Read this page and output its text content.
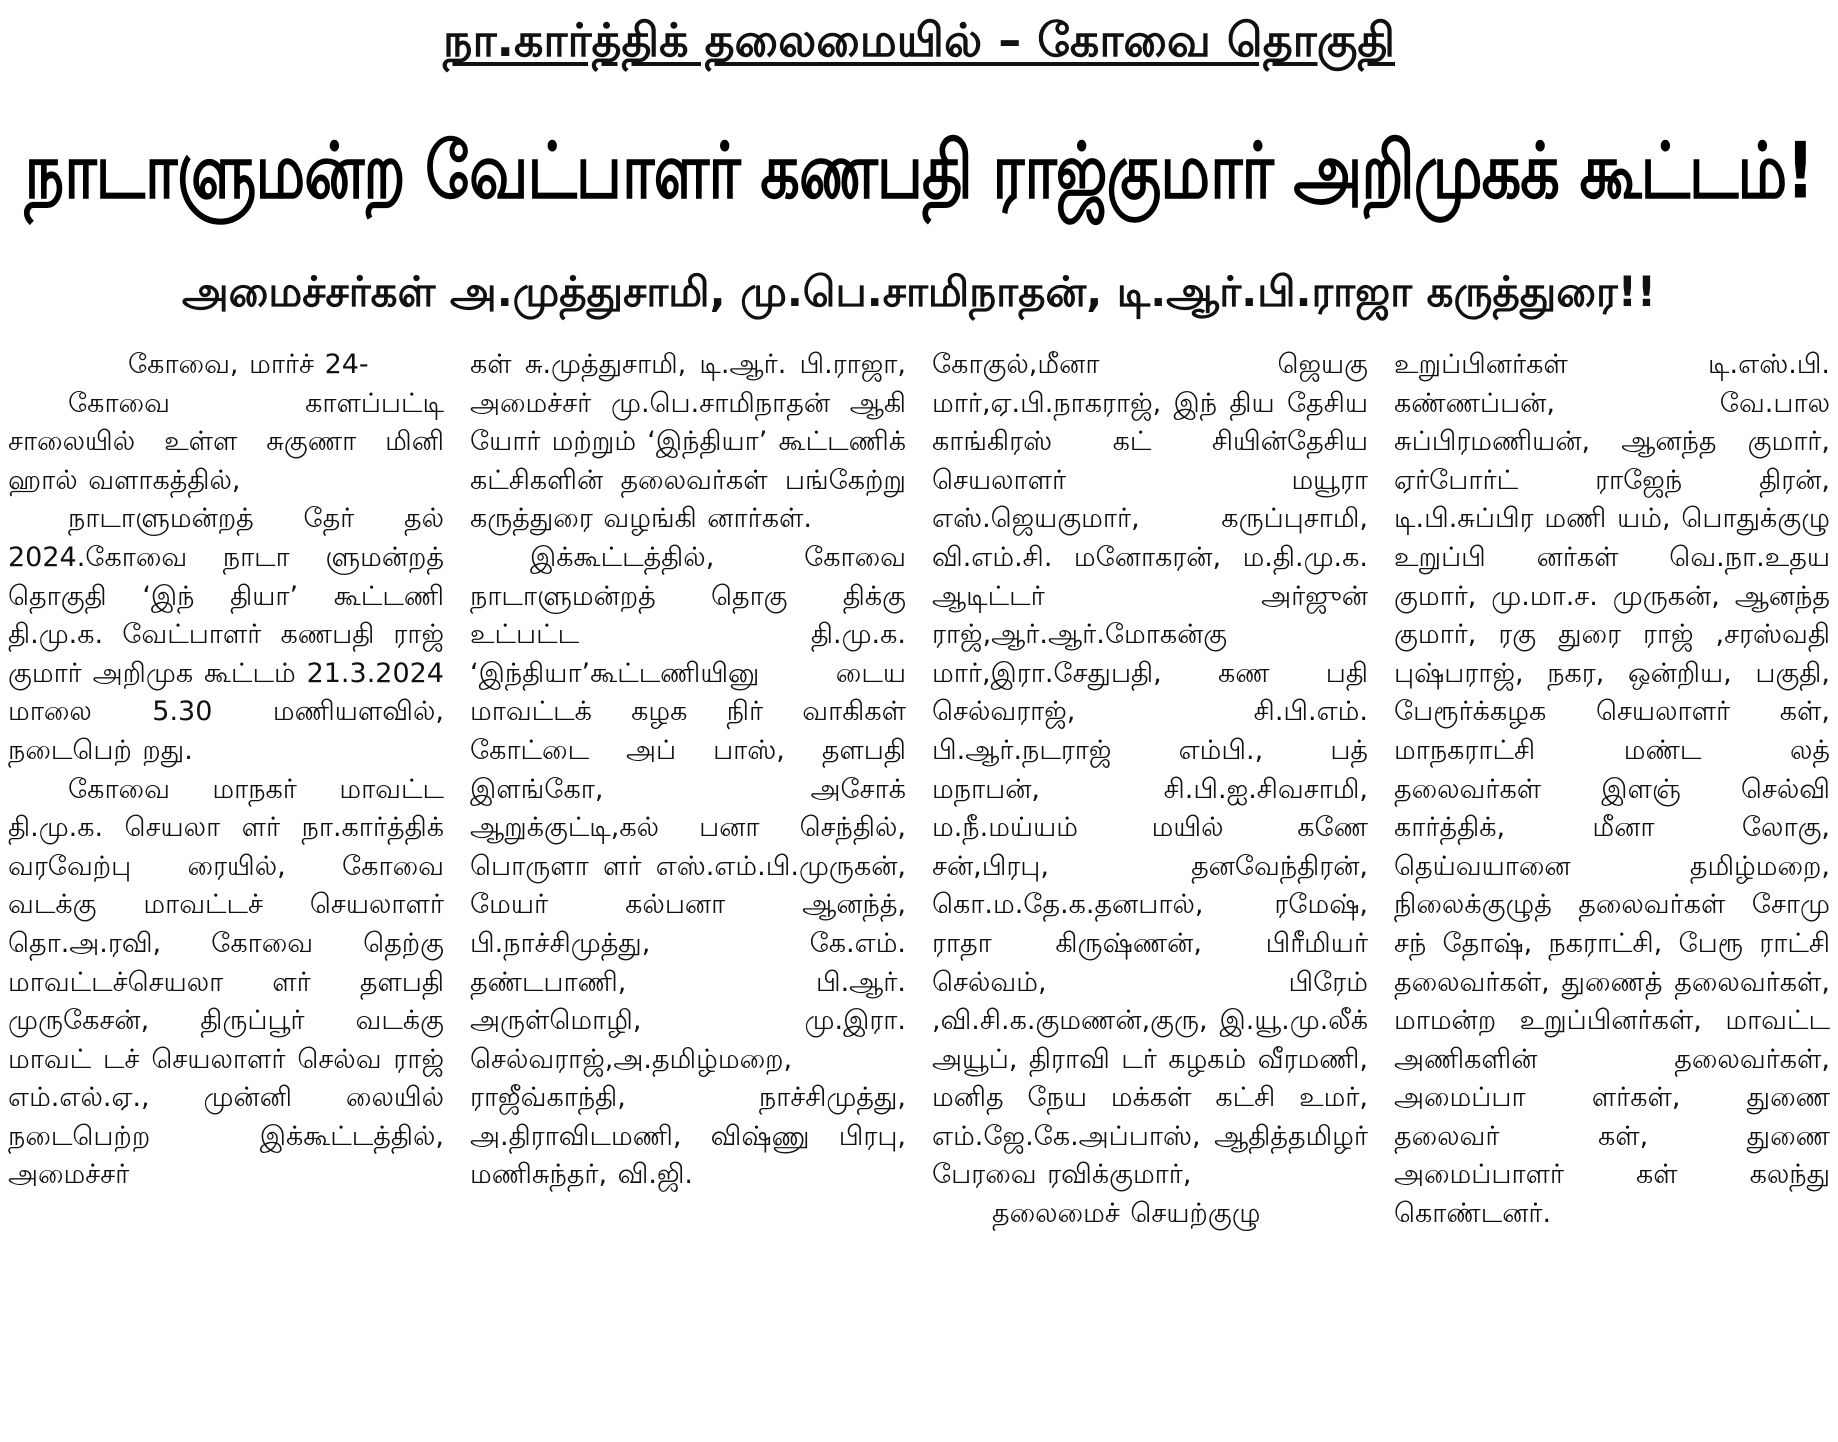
நா.கார்த்திக் தலைமையில் – கோவை தொகுதி
நாடாளுமன்ற வேட்பாளர் கணபதி ராஜ்குமார் அறிமுகக் கூட்டம்!
அமைச்சர்கள் அ.முத்துசாமி, மு.பெ.சாமிநாதன், டி.ஆர்.பி.ராஜா கருத்துரை!!

கோவை, மார்ச் 24-

கோவை காளப்பட்டி சாலையில் உள்ள சுகுணா மினி ஹால் வளாகத்தில்,

நாடாளுமன்றத் தேர் தல் 2024.கோவை நாடா ளுமன்றத் தொகுதி ‘இந் தியா’ கூட்டணி தி.மு.க. வேட்பாளர் கணபதி ராஜ் குமார் அறிமுக கூட்டம் 21.3.2024 மாலை 5.30 மணியளவில், நடைபெற் றது.

கோவை மாநகர் மாவட்ட தி.மு.க. செயலா ளர் நா.கார்த்திக் வரவேற்பு ரையில், கோவை வடக்கு மாவட்டச் செயலாளர் தொ.அ.ரவி, கோவை தெற்கு மாவட்டச்செயலா ளர் தளபதி முருகேசன், திருப்பூர் வடக்கு மாவட் டச் செயலாளர் செல்வ ராஜ் எம்.எல்.ஏ., முன்னி லையில் நடைபெற்ற இக்கூட்டத்தில், அமைச்சர்

கள் சு.முத்துசாமி, டி.ஆர். பி.ராஜா, அமைச்சர் மு.பெ.சாமிநாதன் ஆகி யோர் மற்றும் ‘இந்தியா’ கூட்டணிக் கட்சிகளின் தலைவர்கள் பங்கேற்று கருத்துரை வழங்கி னார்கள்.

இக்கூட்டத்தில், கோவை நாடாளுமன்றத் தொகு திக்கு உட்பட்ட தி.மு.க. ‘இந்தியா’கூட்டணியினு டைய மாவட்டக் கழக நிர் வாகிகள் கோட்டை அப் பாஸ், தளபதி இளங்கோ, அசோக் ஆறுக்குட்டி,கல் பனா செந்தில், பொருளா ளர் எஸ்.எம்.பி.முருகன், மேயர் கல்பனா ஆனந்த், பி.நாச்சிமுத்து, கே.எம். தண்டபாணி, பி.ஆர். அருள்மொழி, மு.இரா. செல்வராஜ்,அ.தமிழ்மறை, ராஜீவ்காந்தி, நாச்சிமுத்து, அ.திராவிடமணி, விஷ்ணு பிரபு, மணிசுந்தர், வி.ஜி.

கோகுல்,மீனா ஜெயகு மார்,ஏ.பி.நாகராஜ், இந் திய தேசிய காங்கிரஸ் கட் சியின்தேசிய செயலாளர் மயூரா எஸ்.ஜெயகுமார், கருப்புசாமி, வி.எம்.சி. மனோகரன், ம.தி.மு.க. ஆடிட்டர் அர்ஜுன் ராஜ்,ஆர்.ஆர்.மோகன்கு மார்,இரா.சேதுபதி, கண பதி செல்வராஜ், சி.பி.எம். பி.ஆர்.நடராஜ் எம்பி., பத் மநாபன், சி.பி.ஐ.சிவசாமி, ம.நீ.மய்யம் மயில் கணே சன்,பிரபு, தனவேந்திரன், கொ.ம.தே.க.தனபால், ரமேஷ், ராதா கிருஷ்ணன், பிரீமியர் செல்வம், பிரேம் ,வி.சி.க.குமணன்,குரு, இ.யூ.மு.லீக் அயூப், திராவி டர் கழகம் வீரமணி, மனித நேய மக்கள் கட்சி உமர், எம்.ஜே.கே.அப்பாஸ், ஆதித்தமிழர் பேரவை ரவிக்குமார்,

தலைமைச் செயற்குழு

உறுப்பினர்கள் டி.எஸ்.பி. கண்ணப்பன், வே.பால சுப்பிரமணியன், ஆனந்த குமார், ஏர்போர்ட் ராஜேந் திரன், டி.பி.சுப்பிர மணி யம், பொதுக்குழு உறுப்பி னர்கள் வெ.நா.உதய குமார், மு.மா.ச. முருகன், ஆனந்த குமார், ரகு துரை ராஜ் ,சரஸ்வதி புஷ்பராஜ், நகர, ஒன்றிய, பகுதி, பேரூர்க்கழக செயலாளர் கள், மாநகராட்சி மண்ட லத் தலைவர்கள் இளஞ் செல்வி கார்த்திக், மீனா லோகு, தெய்வயானை தமிழ்மறை, நிலைக்குழுத் தலைவர்கள் சோமு சந் தோஷ், நகராட்சி, பேரூ ராட்சி தலைவர்கள், துணைத் தலைவர்கள், மாமன்ற உறுப்பினர்கள், மாவட்ட அணிகளின் தலைவர்கள், அமைப்பா ளர்கள், துணை தலைவர் கள், துணை அமைப்பாளர் கள் கலந்து கொண்டனர்.
